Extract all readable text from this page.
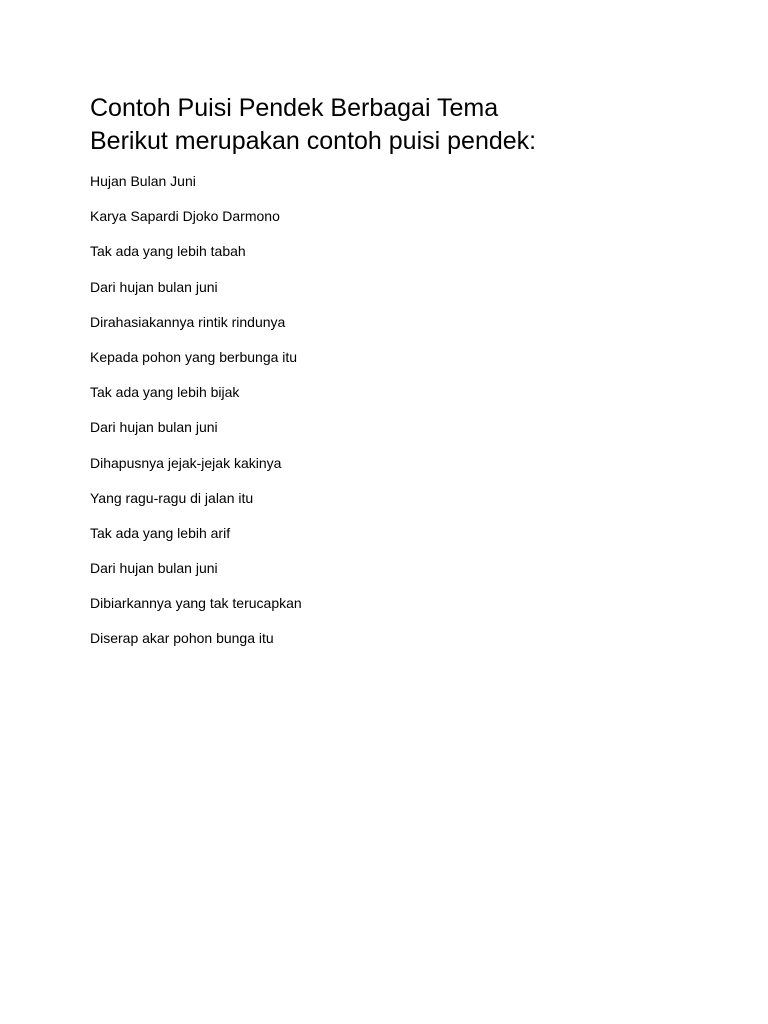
Contoh Puisi Pendek Berbagai Tema
Berikut merupakan contoh puisi pendek:
Hujan Bulan Juni
Karya Sapardi Djoko Darmono
Tak ada yang lebih tabah
Dari hujan bulan juni
Dirahasiakannya rintik rindunya
Kepada pohon yang berbunga itu
Tak ada yang lebih bijak
Dari hujan bulan juni
Dihapusnya jejak-jejak kakinya
Yang ragu-ragu di jalan itu
Tak ada yang lebih arif
Dari hujan bulan juni
Dibiarkannya yang tak terucapkan
Diserap akar pohon bunga itu
